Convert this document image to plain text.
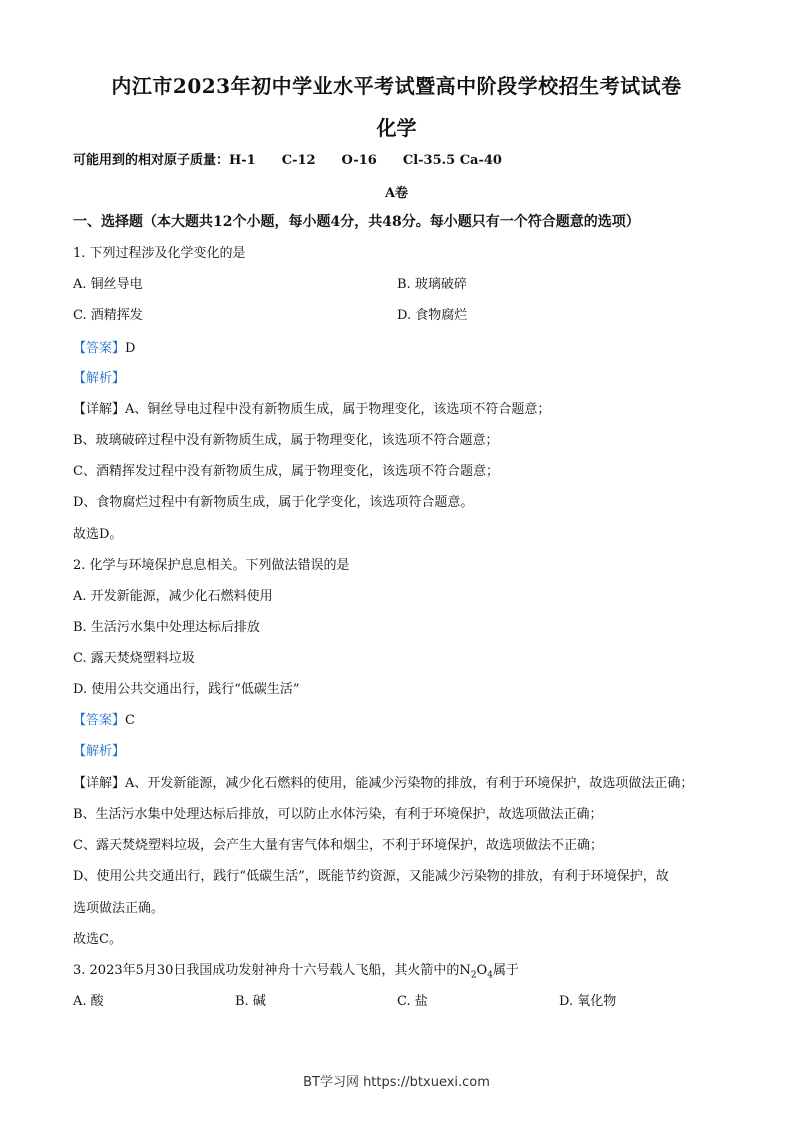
内江市2023年初中学业水平考试暨高中阶段学校招生考试试卷
化学
可能用到的相对原子质量：H-1　　C-12　　O-16　　Cl-35.5 Ca-40
A卷
一、选择题（本大题共12个小题，每小题4分，共48分。每小题只有一个符合题意的选项）
1. 下列过程涉及化学变化的是
A. 铜丝导电	B. 玻璃破碎
C. 酒精挥发	D. 食物腐烂
【答案】D
【解析】
【详解】A、铜丝导电过程中没有新物质生成，属于物理变化，该选项不符合题意；
B、玻璃破碎过程中没有新物质生成，属于物理变化，该选项不符合题意；
C、酒精挥发过程中没有新物质生成，属于物理变化，该选项不符合题意；
D、食物腐烂过程中有新物质生成，属于化学变化，该选项符合题意。
故选D。
2. 化学与环境保护息息相关。下列做法错误的是
A. 开发新能源，减少化石燃料使用
B. 生活污水集中处理达标后排放
C. 露天焚烧塑料垃圾
D. 使用公共交通出行，践行“低碳生活”
【答案】C
【解析】
【详解】A、开发新能源，减少化石燃料的使用，能减少污染物的排放，有利于环境保护，故选项做法正确；
B、生活污水集中处理达标后排放，可以防止水体污染，有利于环境保护，故选项做法正确；
C、露天焚烧塑料垃圾，会产生大量有害气体和烟尘，不利于环境保护，故选项做法不正确；
D、使用公共交通出行，践行“低碳生活”，既能节约资源，又能减少污染物的排放，有利于环境保护，故
选项做法正确。
故选C。
3. 2023年5月30日我国成功发射神舟十六号载人飞船，其火箭中的$N_2O_4$属于
A. 酸	B. 碱	C. 盐	D. 氧化物
BT学习网 https://btxuexi.com
